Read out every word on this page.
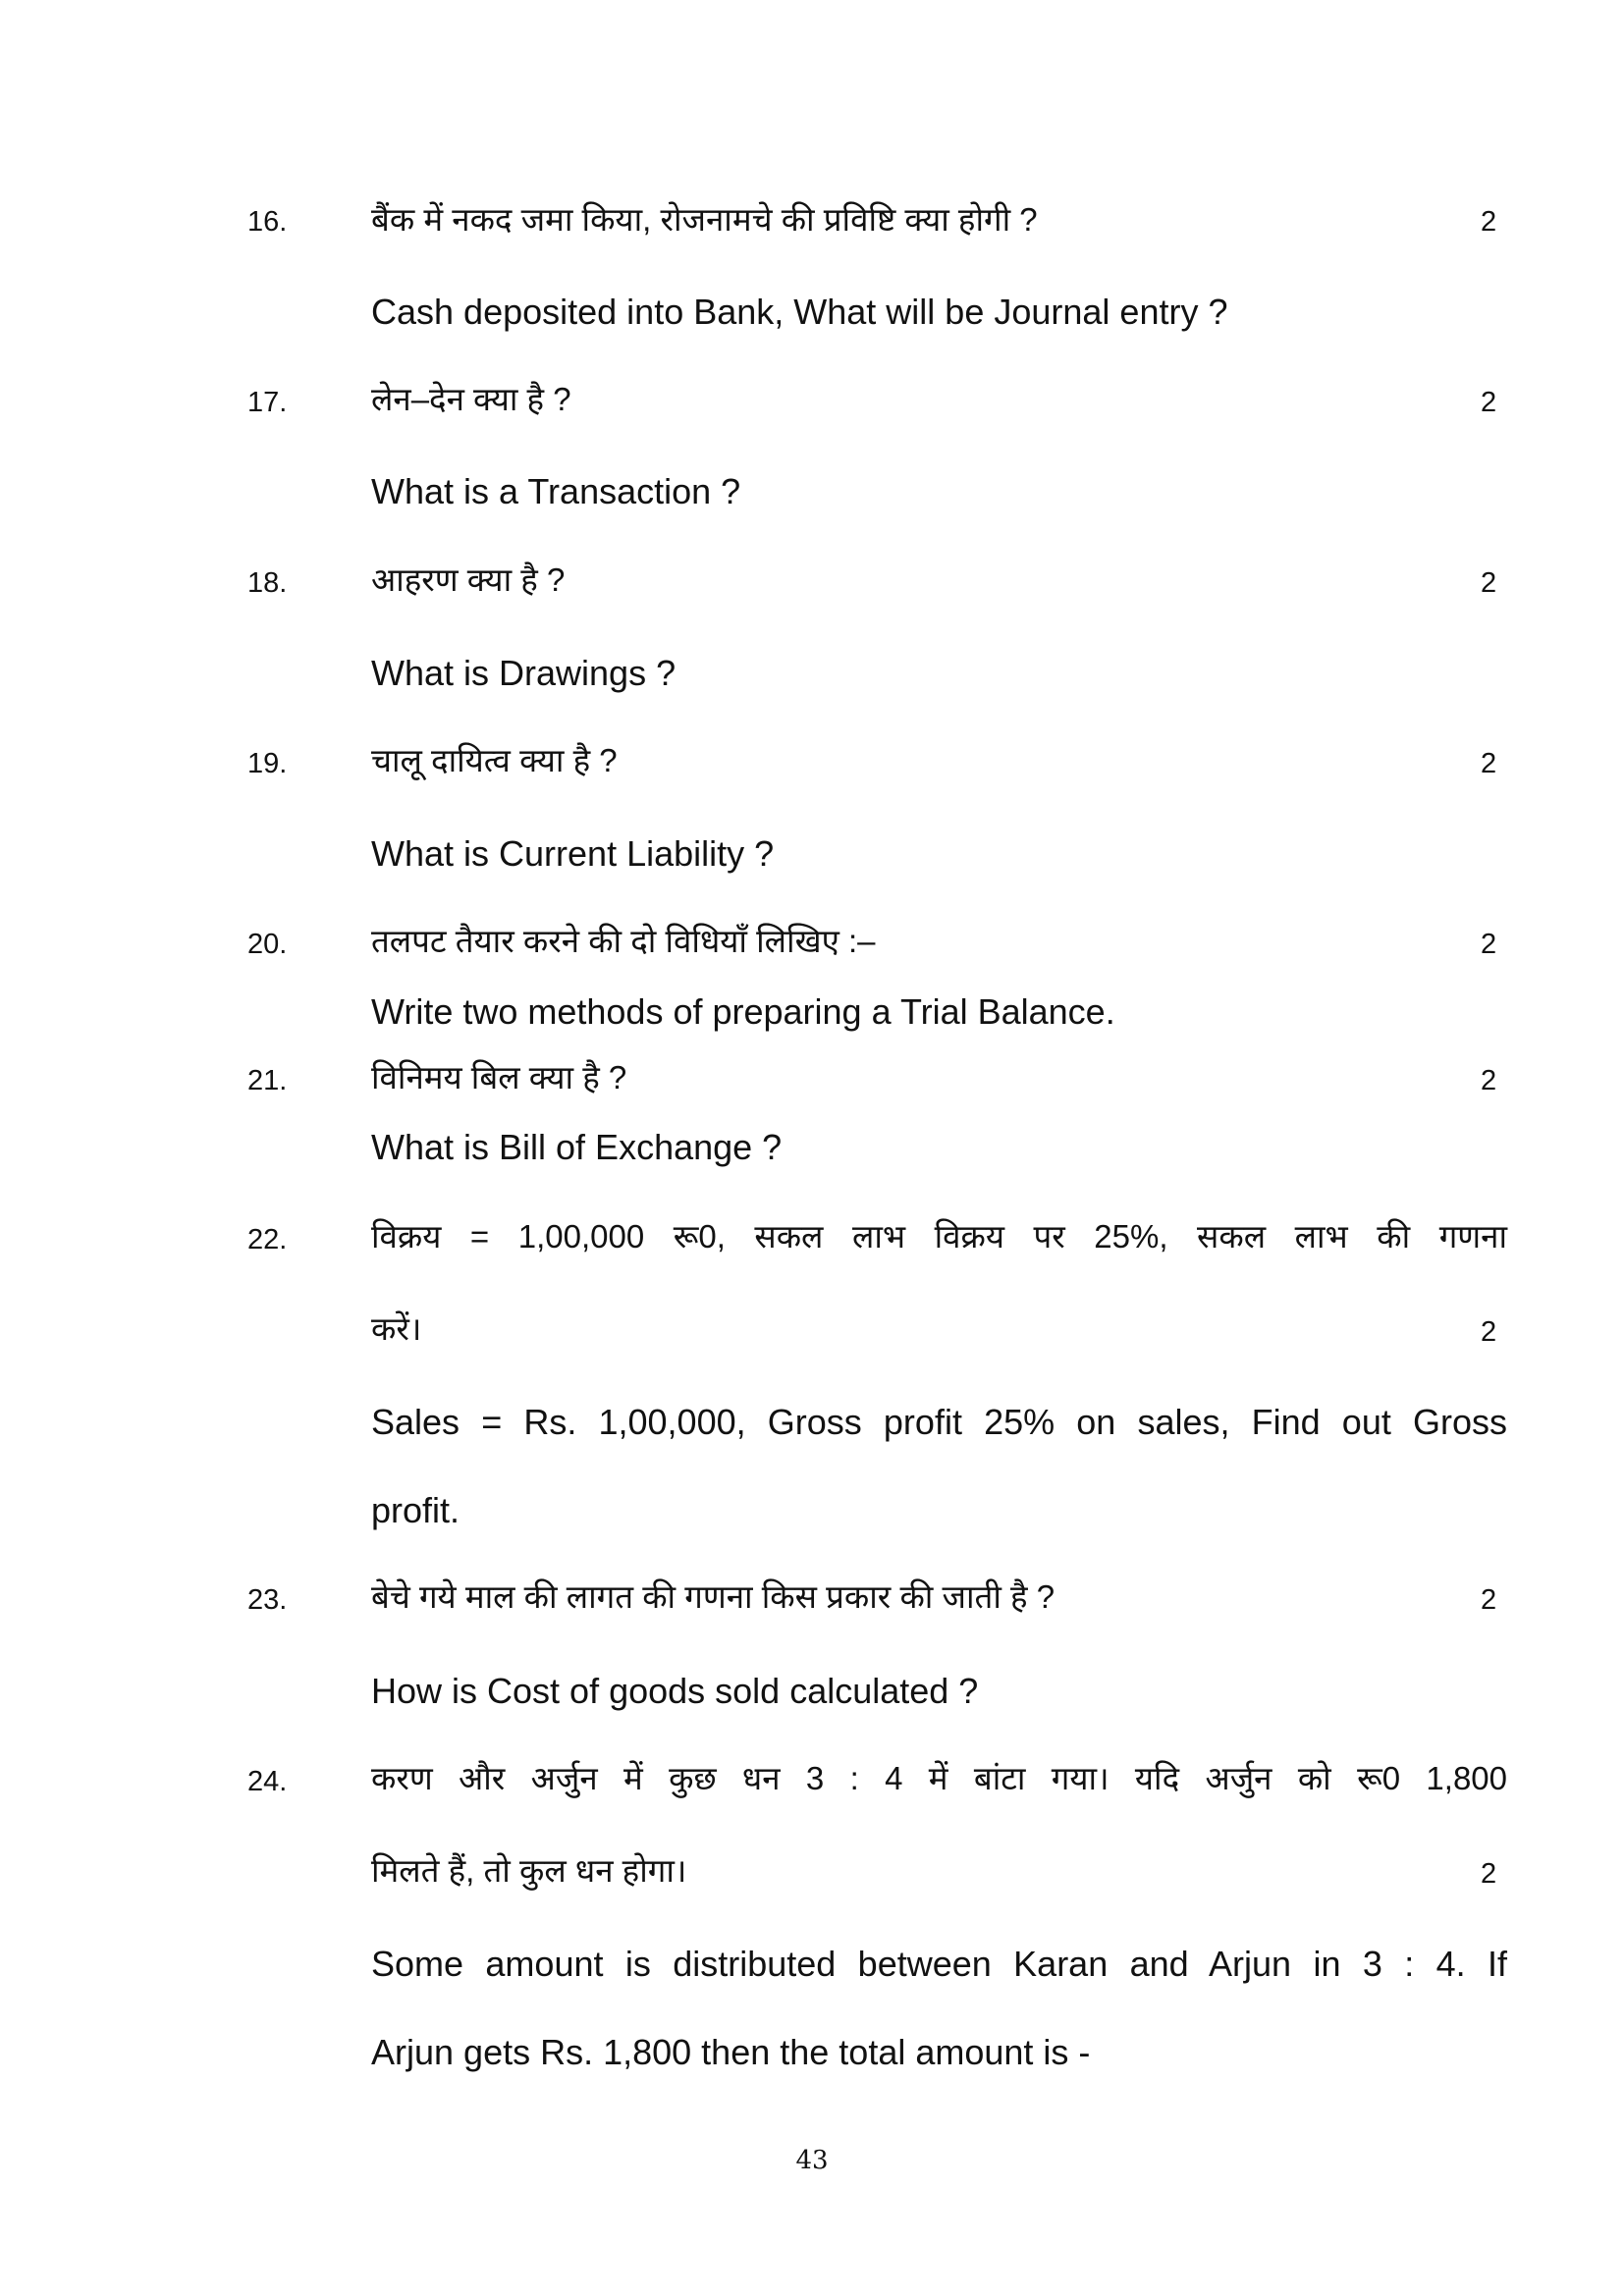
16.	बैंक में नकद जमा किया, रोजनामचे की प्रविष्टि क्या होगी ?	2
Cash deposited into Bank, What will be Journal entry ?
17.	लेन–देन क्या है ?	2
What is a Transaction ?
18.	आहरण क्या है ?	2
What is Drawings ?
19.	चालू दायित्व क्या है ?	2
What is Current Liability ?
20.	तलपट तैयार करने की दो विधियाँ लिखिए :–	2
Write two methods of preparing a Trial Balance.
21.	विनिमय बिल क्या है ?	2
What is Bill of Exchange ?
22.	विक्रय = 1,00,000 रू0, सकल लाभ विक्रय पर 25%, सकल लाभ की गणना
करें।	2
Sales = Rs. 1,00,000, Gross profit 25% on sales, Find out Gross
profit.
23.	बेचे गये माल की लागत की गणना किस प्रकार की जाती है ?	2
How is Cost of goods sold calculated ?
24.	करण और अर्जुन में कुछ धन 3 : 4 में बांटा गया। यदि अर्जुन को रू0 1,800
मिलते हैं, तो कुल धन होगा।	2
Some amount is distributed between Karan and Arjun in 3 : 4. If
Arjun gets Rs. 1,800 then the total amount is -
43
